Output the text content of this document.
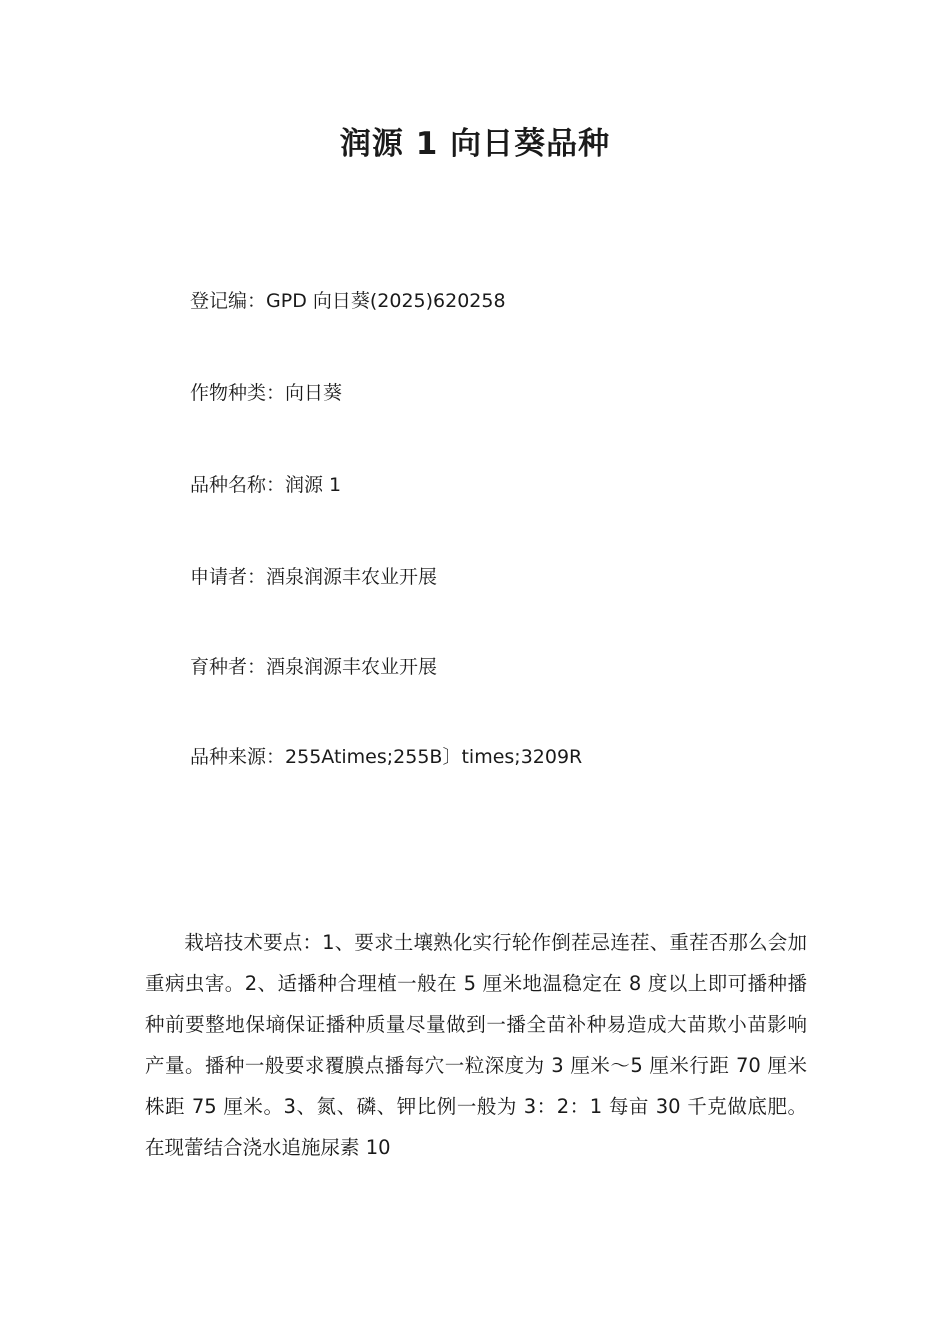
润源 1 向日葵品种
登记编：GPD 向日葵(2025)620258
作物种类：向日葵
品种名称：润源 1
申请者：酒泉润源丰农业开展
育种者：酒泉润源丰农业开展
品种来源：255Atimes;255B〕times;3209R

　　栽培技术要点：1、要求土壤熟化实行轮作倒茬忌连茬、重茬否那么会加重病虫害。2、适播种合理植一般在 5 厘米地温稳定在 8 度以上即可播种播种前要整地保墒保证播种质量尽量做到一播全苗补种易造成大苗欺小苗影响产量。播种一般要求覆膜点播每穴一粒深度为 3 厘米～5 厘米行距 70 厘米株距 75 厘米。3、氮、磷、钾比例一般为 3：2：1 每亩 30 千克做底肥。在现蕾结合浇水追施尿素 10
